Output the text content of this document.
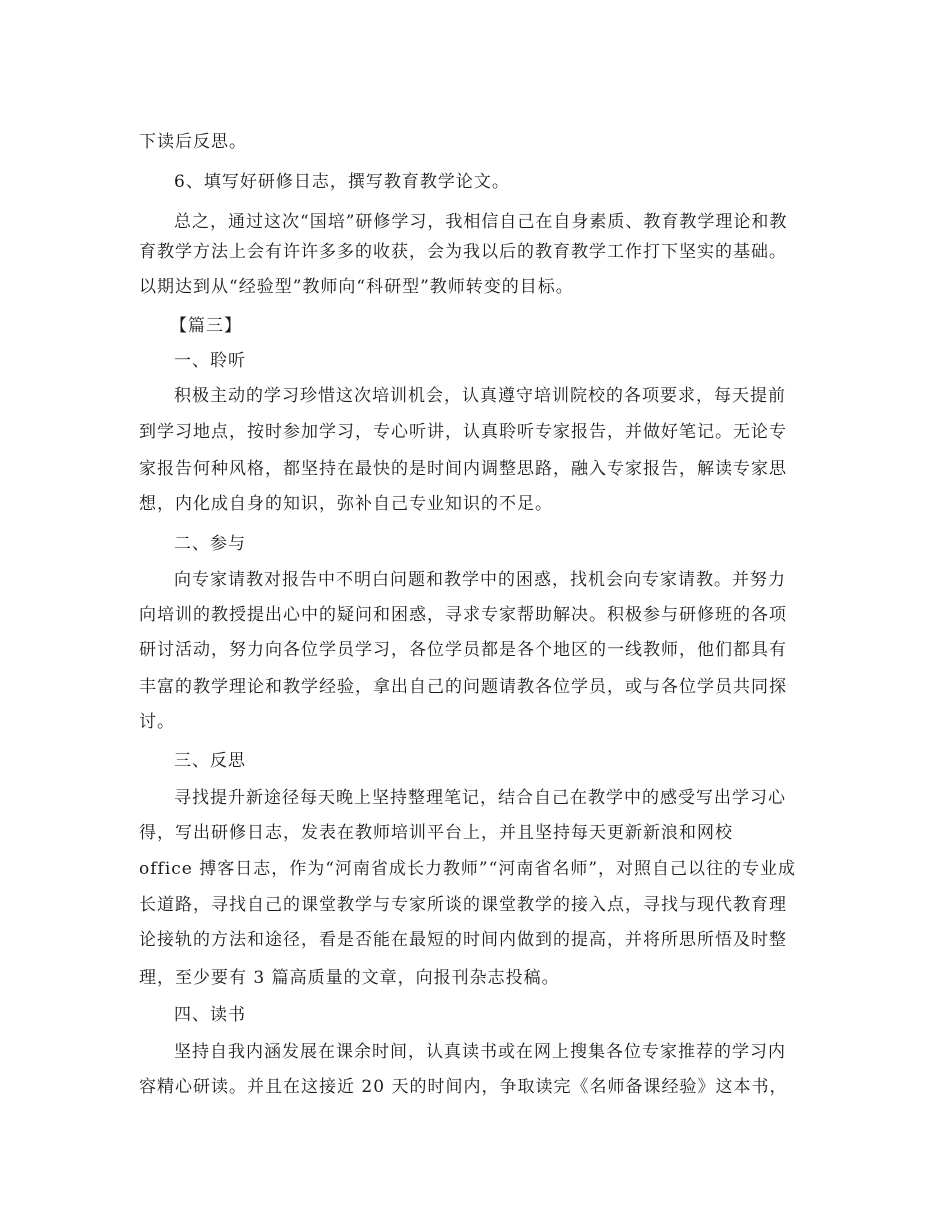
下读后反思。
6、填写好研修日志，撰写教育教学论文。
总之，通过这次“国培”研修学习，我相信自己在自身素质、教育教学理论和教
育教学方法上会有许许多多的收获，会为我以后的教育教学工作打下坚实的基础。
以期达到从“经验型”教师向“科研型”教师转变的目标。
【篇三】
一、聆听
积极主动的学习珍惜这次培训机会，认真遵守培训院校的各项要求，每天提前
到学习地点，按时参加学习，专心听讲，认真聆听专家报告，并做好笔记。无论专
家报告何种风格，都坚持在最快的是时间内调整思路，融入专家报告，解读专家思
想，内化成自身的知识，弥补自己专业知识的不足。
二、参与
向专家请教对报告中不明白问题和教学中的困惑，找机会向专家请教。并努力
向培训的教授提出心中的疑问和困惑，寻求专家帮助解决。积极参与研修班的各项
研讨活动，努力向各位学员学习，各位学员都是各个地区的一线教师，他们都具有
丰富的教学理论和教学经验，拿出自己的问题请教各位学员，或与各位学员共同探
讨。
三、反思
寻找提升新途径每天晚上坚持整理笔记，结合自己在教学中的感受写出学习心
得，写出研修日志，发表在教师培训平台上，并且坚持每天更新新浪和网校
office 搏客日志，作为“河南省成长力教师”“河南省名师”，对照自己以往的专业成
长道路，寻找自己的课堂教学与专家所谈的课堂教学的接入点，寻找与现代教育理
论接轨的方法和途径，看是否能在最短的时间内做到的提高，并将所思所悟及时整
理，至少要有 3 篇高质量的文章，向报刊杂志投稿。
四、读书
坚持自我内涵发展在课余时间，认真读书或在网上搜集各位专家推荐的学习内
容精心研读。并且在这接近 20 天的时间内，争取读完《名师备课经验》这本书，
